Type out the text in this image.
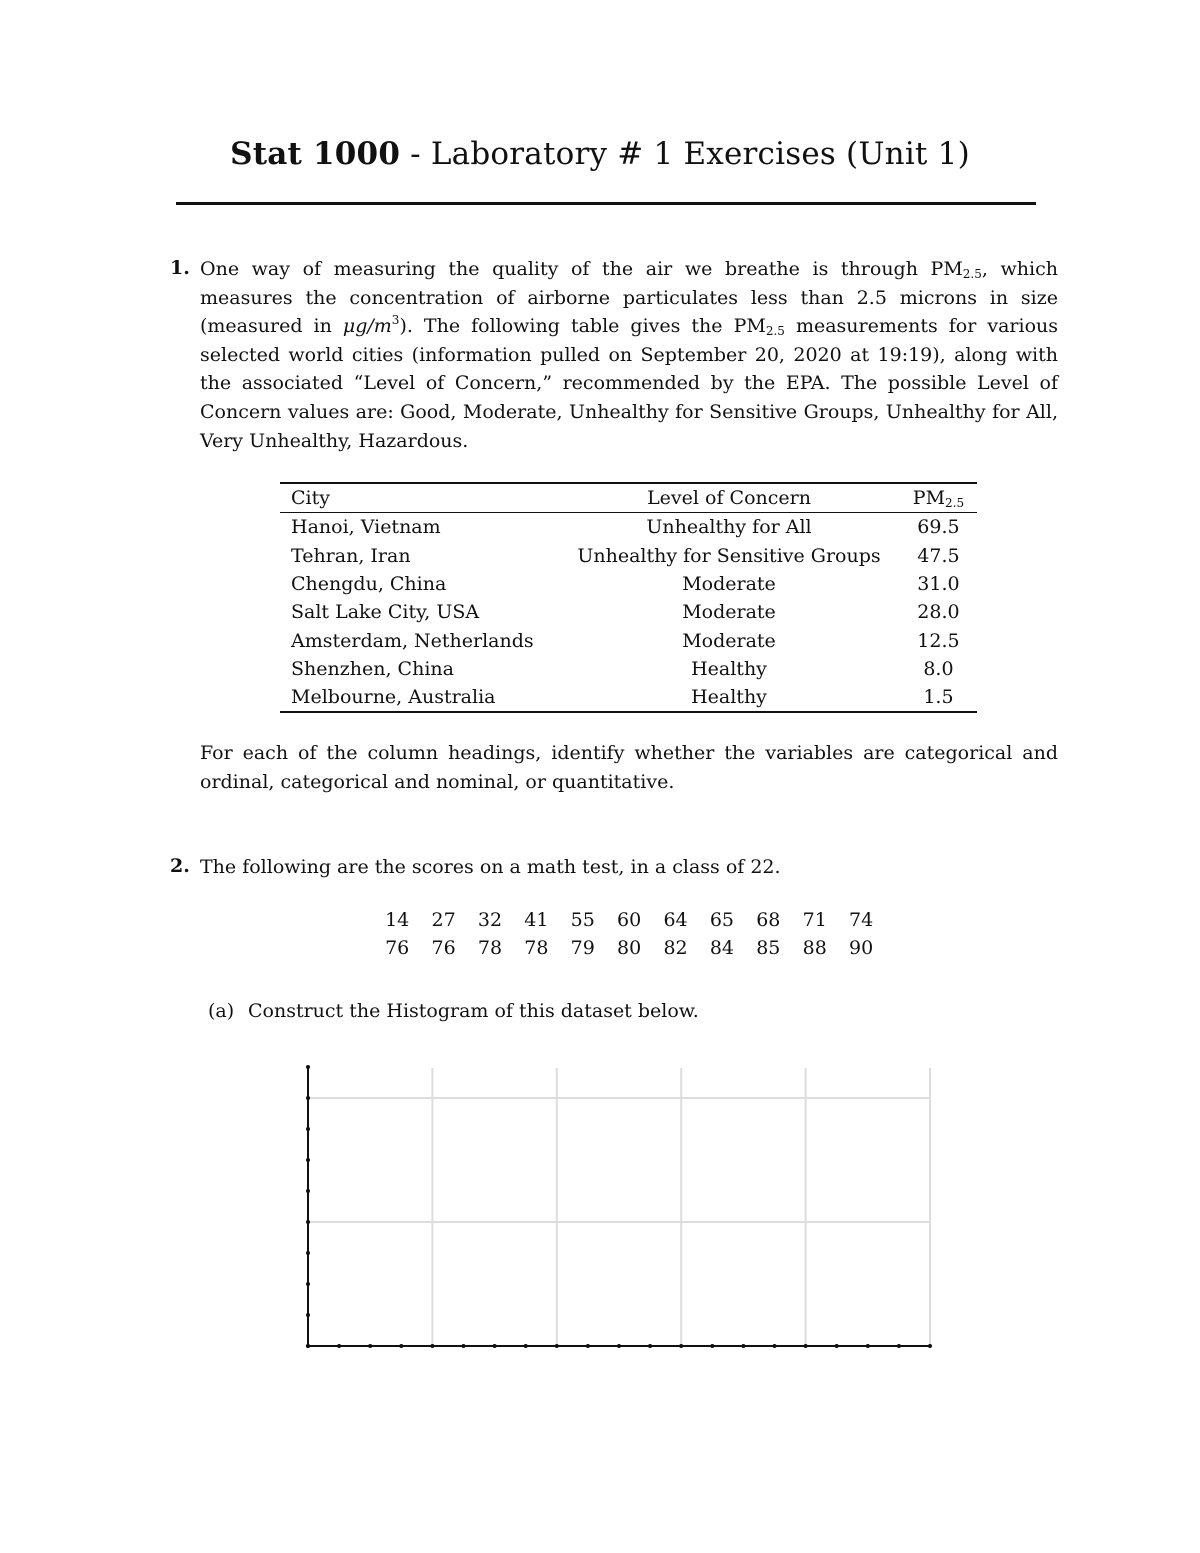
Stat 1000 - Laboratory # 1 Exercises (Unit 1)
1. One way of measuring the quality of the air we breathe is through $PM_{2.5}$, which measures the concentration of airborne particulates less than 2.5 microns in size (measured in $\mu g/m^3$). The following table gives the $PM_{2.5}$ measurements for various selected world cities (information pulled on September 20, 2020 at 19:19), along with the associated “Level of Concern,” recommended by the EPA. The possible Level of Concern values are: Good, Moderate, Unhealthy for Sensitive Groups, Unhealthy for All, Very Unhealthy, Hazardous.
City	Level of Concern	$PM_{2.5}$
Hanoi, Vietnam	Unhealthy for All	69.5
Tehran, Iran	Unhealthy for Sensitive Groups	47.5
Chengdu, China	Moderate	31.0
Salt Lake City, USA	Moderate	28.0
Amsterdam, Netherlands	Moderate	12.5
Shenzhen, China	Healthy	8.0
Melbourne, Australia	Healthy	1.5
For each of the column headings, identify whether the variables are categorical and ordinal, categorical and nominal, or quantitative.
2. The following are the scores on a math test, in a class of 22.
14	27	32	41	55	60	64	65	68	71	74
76	76	78	78	79	80	82	84	85	88	90
(a) Construct the Histogram of this dataset below.
